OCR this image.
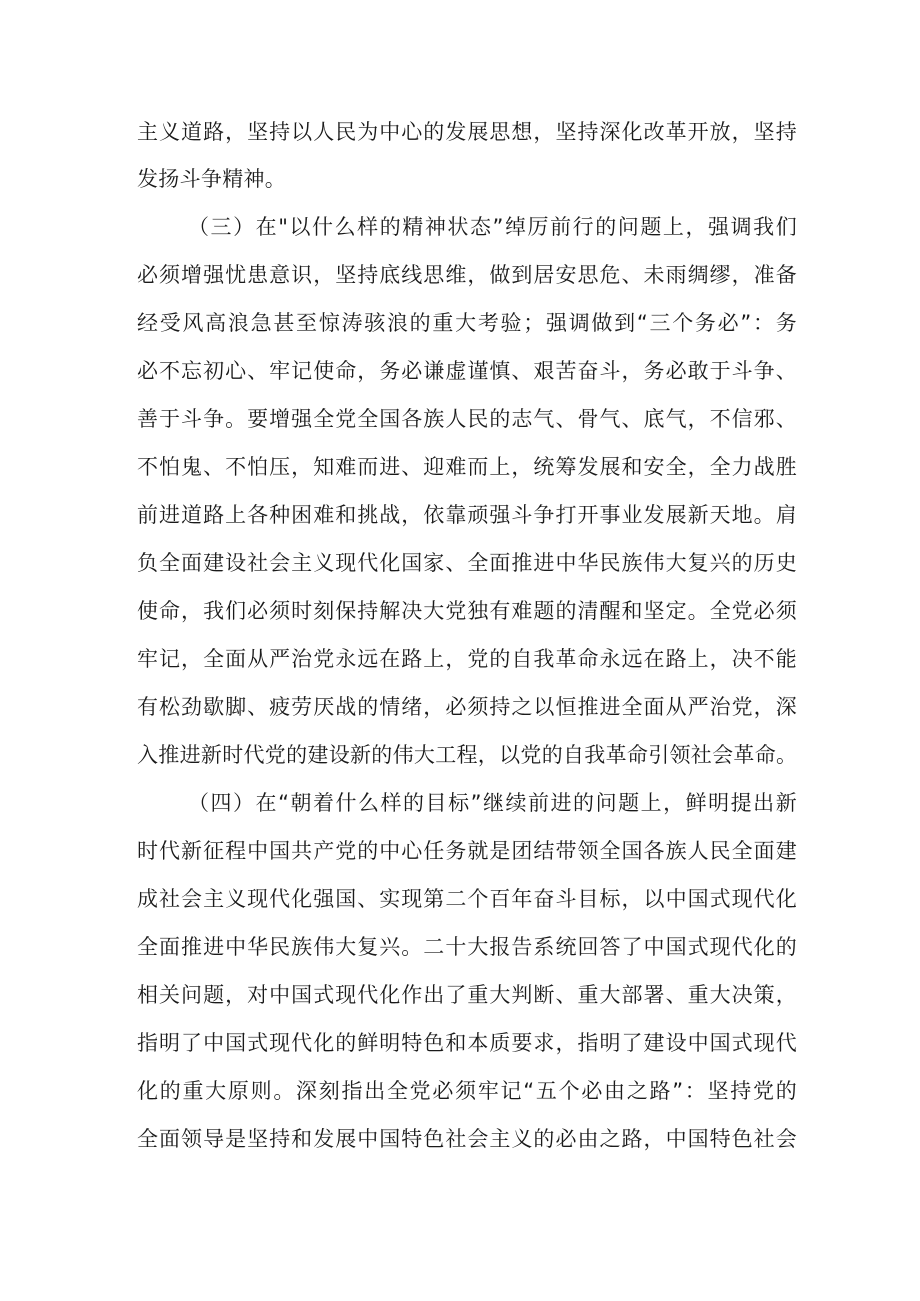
主义道路，坚持以人民为中心的发展思想，坚持深化改革开放，坚持
发扬斗争精神。
（三）在"以什么样的精神状态”绰厉前行的问题上，强调我们
必须增强忧患意识，坚持底线思维，做到居安思危、未雨绸缪，准备
经受风高浪急甚至惊涛骇浪的重大考验；强调做到“三个务必”：务
必不忘初心、牢记使命，务必谦虚谨慎、艰苦奋斗，务必敢于斗争、
善于斗争。要增强全党全国各族人民的志气、骨气、底气，不信邪、
不怕鬼、不怕压，知难而进、迎难而上，统筹发展和安全，全力战胜
前进道路上各种困难和挑战，依靠顽强斗争打开事业发展新天地。肩
负全面建设社会主义现代化国家、全面推进中华民族伟大复兴的历史
使命，我们必须时刻保持解决大党独有难题的清醒和坚定。全党必须
牢记，全面从严治党永远在路上，党的自我革命永远在路上，决不能
有松劲歇脚、疲劳厌战的情绪，必须持之以恒推进全面从严治党，深
入推进新时代党的建设新的伟大工程，以党的自我革命引领社会革命。
（四）在“朝着什么样的目标”继续前进的问题上，鲜明提出新
时代新征程中国共产党的中心任务就是团结带领全国各族人民全面建
成社会主义现代化强国、实现第二个百年奋斗目标，以中国式现代化
全面推进中华民族伟大复兴。二十大报告系统回答了中国式现代化的
相关问题，对中国式现代化作出了重大判断、重大部署、重大决策，
指明了中国式现代化的鲜明特色和本质要求，指明了建设中国式现代
化的重大原则。深刻指出全党必须牢记“五个必由之路”：坚持党的
全面领导是坚持和发展中国特色社会主义的必由之路，中国特色社会
